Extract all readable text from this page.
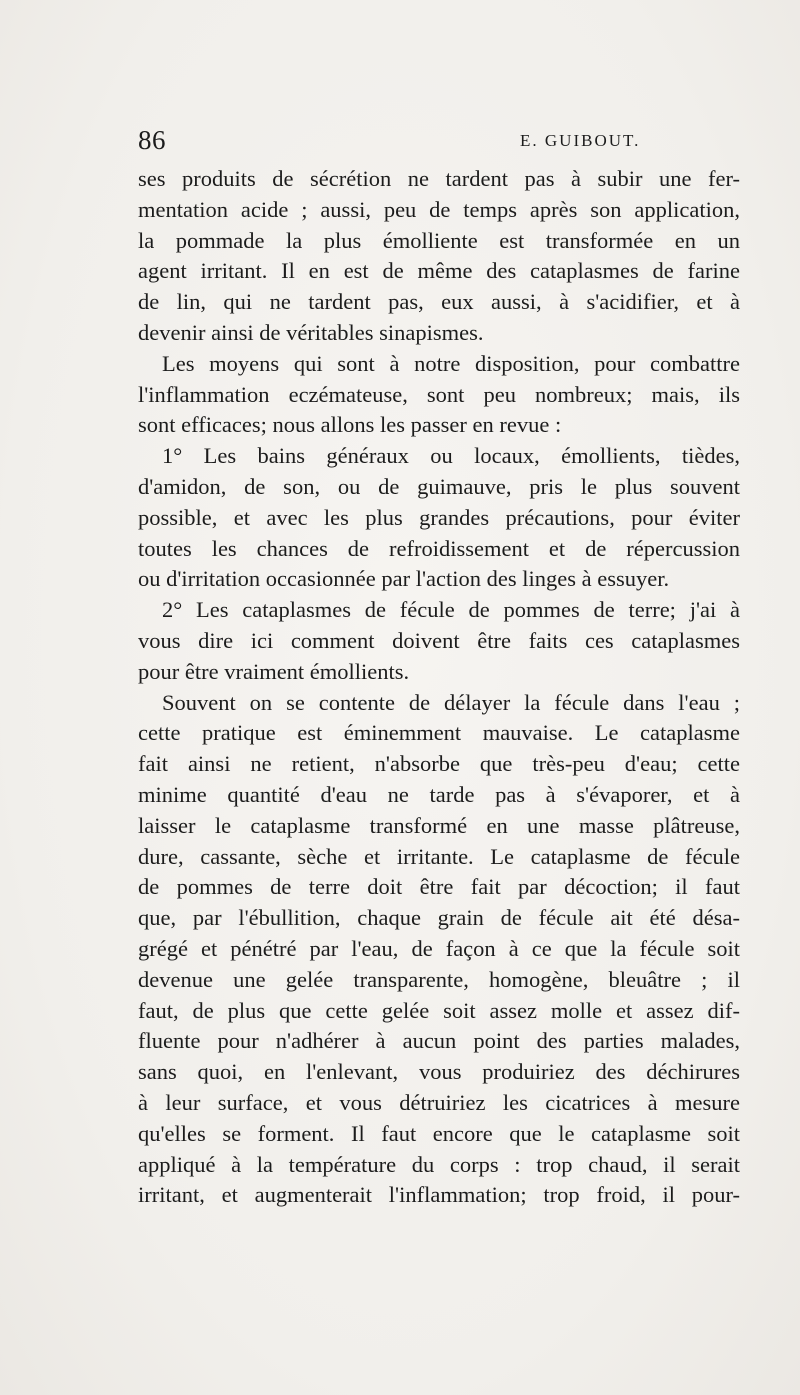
86	E. GUIBOUT.
ses produits de sécrétion ne tardent pas à subir une fer-
mentation acide ; aussi, peu de temps après son application,
la pommade la plus émolliente est transformée en un
agent irritant. Il en est de même des cataplasmes de farine
de lin, qui ne tardent pas, eux aussi, à s'acidifier, et à
devenir ainsi de véritables sinapismes.
Les moyens qui sont à notre disposition, pour combattre
l'inflammation eczémateuse, sont peu nombreux; mais, ils
sont efficaces; nous allons les passer en revue :
1° Les bains généraux ou locaux, émollients, tièdes,
d'amidon, de son, ou de guimauve, pris le plus souvent
possible, et avec les plus grandes précautions, pour éviter
toutes les chances de refroidissement et de répercussion
ou d'irritation occasionnée par l'action des linges à essuyer.
2° Les cataplasmes de fécule de pommes de terre; j'ai à
vous dire ici comment doivent être faits ces cataplasmes
pour être vraiment émollients.
Souvent on se contente de délayer la fécule dans l'eau ;
cette pratique est éminemment mauvaise. Le cataplasme
fait ainsi ne retient, n'absorbe que très-peu d'eau; cette
minime quantité d'eau ne tarde pas à s'évaporer, et à
laisser le cataplasme transformé en une masse plâtreuse,
dure, cassante, sèche et irritante. Le cataplasme de fécule
de pommes de terre doit être fait par décoction; il faut
que, par l'ébullition, chaque grain de fécule ait été désa-
grégé et pénétré par l'eau, de façon à ce que la fécule soit
devenue une gelée transparente, homogène, bleuâtre ; il
faut, de plus que cette gelée soit assez molle et assez dif-
fluente pour n'adhérer à aucun point des parties malades,
sans quoi, en l'enlevant, vous produiriez des déchirures
à leur surface, et vous détruiriez les cicatrices à mesure
qu'elles se forment. Il faut encore que le cataplasme soit
appliqué à la température du corps : trop chaud, il serait
irritant, et augmenterait l'inflammation; trop froid, il pour-
